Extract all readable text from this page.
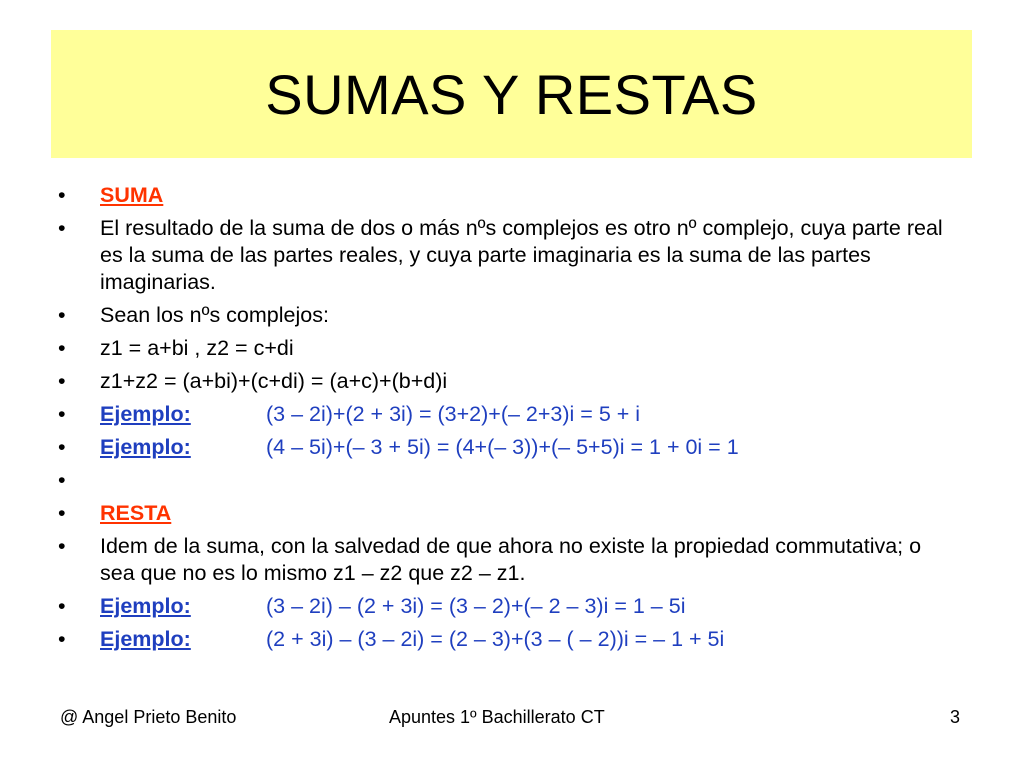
SUMAS Y RESTAS
• SUMA
• El resultado de la suma de dos o más nºs complejos es otro nº complejo, cuya parte real es la suma de las partes reales, y cuya parte imaginaria es la suma de las partes imaginarias.
• Sean los nºs complejos:
• z1 = a+bi , z2 = c+di
• z1+z2 = (a+bi)+(c+di) = (a+c)+(b+d)i
• Ejemplo:	(3 – 2i)+(2 + 3i) = (3+2)+(– 2+3)i = 5 + i
• Ejemplo:	(4 – 5i)+(– 3 + 5i) = (4+(– 3))+(– 5+5)i = 1 + 0i = 1
•
• RESTA
• Idem de la suma, con la salvedad de que ahora no existe la propiedad commutativa; o sea que no es lo mismo z1 – z2 que z2 – z1.
• Ejemplo:	(3 – 2i) – (2 + 3i) = (3 – 2)+(– 2 – 3)i = 1 – 5i
• Ejemplo:	(2 + 3i) – (3 – 2i) = (2 – 3)+(3 – ( – 2))i = – 1 + 5i
@ Angel Prieto Benito	Apuntes 1º Bachillerato CT	3
